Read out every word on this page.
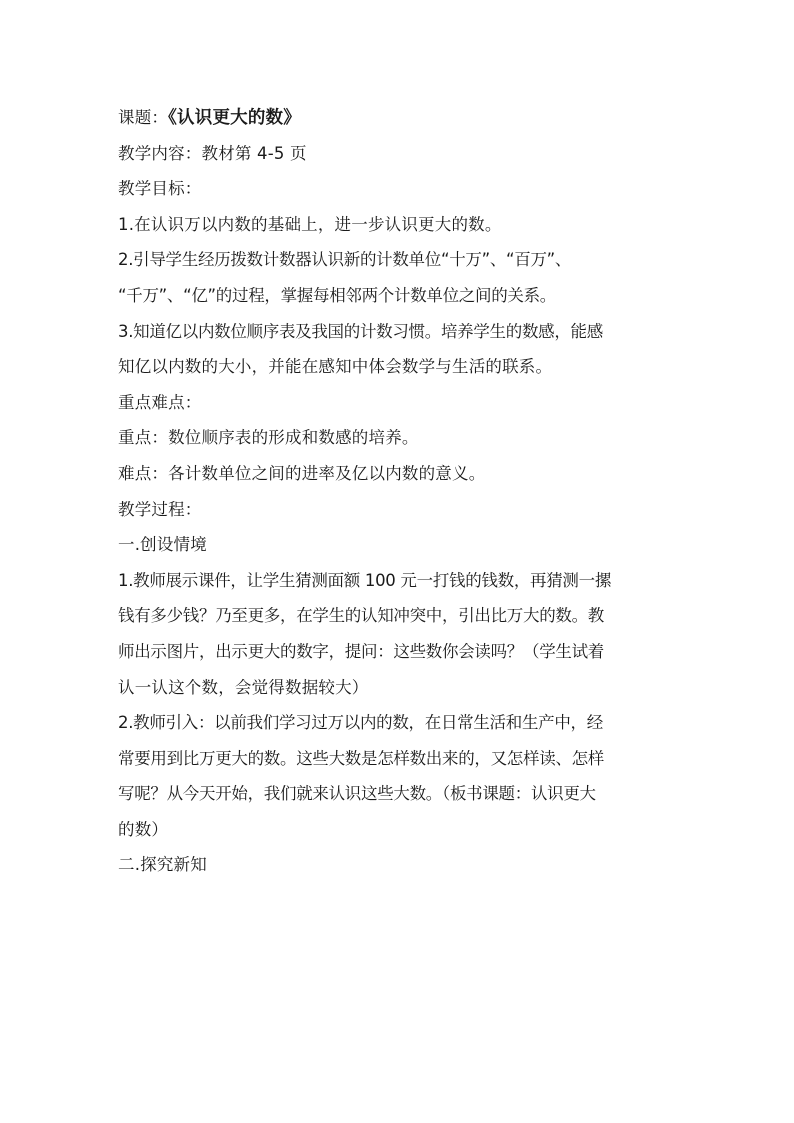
课题：《认识更大的数》
教学内容：教材第 4-5 页
教学目标：
1.在认识万以内数的基础上，进一步认识更大的数。
2.引导学生经历拨数计数器认识新的计数单位“十万”、“百万”、
“千万”、“亿”的过程，掌握每相邻两个计数单位之间的关系。
3.知道亿以内数位顺序表及我国的计数习惯。培养学生的数感，能感
知亿以内数的大小，并能在感知中体会数学与生活的联系。
重点难点：
重点：数位顺序表的形成和数感的培养。
难点：各计数单位之间的进率及亿以内数的意义。
教学过程：
一.创设情境
1.教师展示课件，让学生猜测面额 100 元一打钱的钱数，再猜测一摞
钱有多少钱？乃至更多，在学生的认知冲突中，引出比万大的数。教
师出示图片，出示更大的数字，提问：这些数你会读吗？（学生试着
认一认这个数，会觉得数据较大）
2.教师引入：以前我们学习过万以内的数，在日常生活和生产中，经
常要用到比万更大的数。这些大数是怎样数出来的，又怎样读、怎样
写呢？从今天开始，我们就来认识这些大数。（板书课题：认识更大
的数）
二.探究新知
